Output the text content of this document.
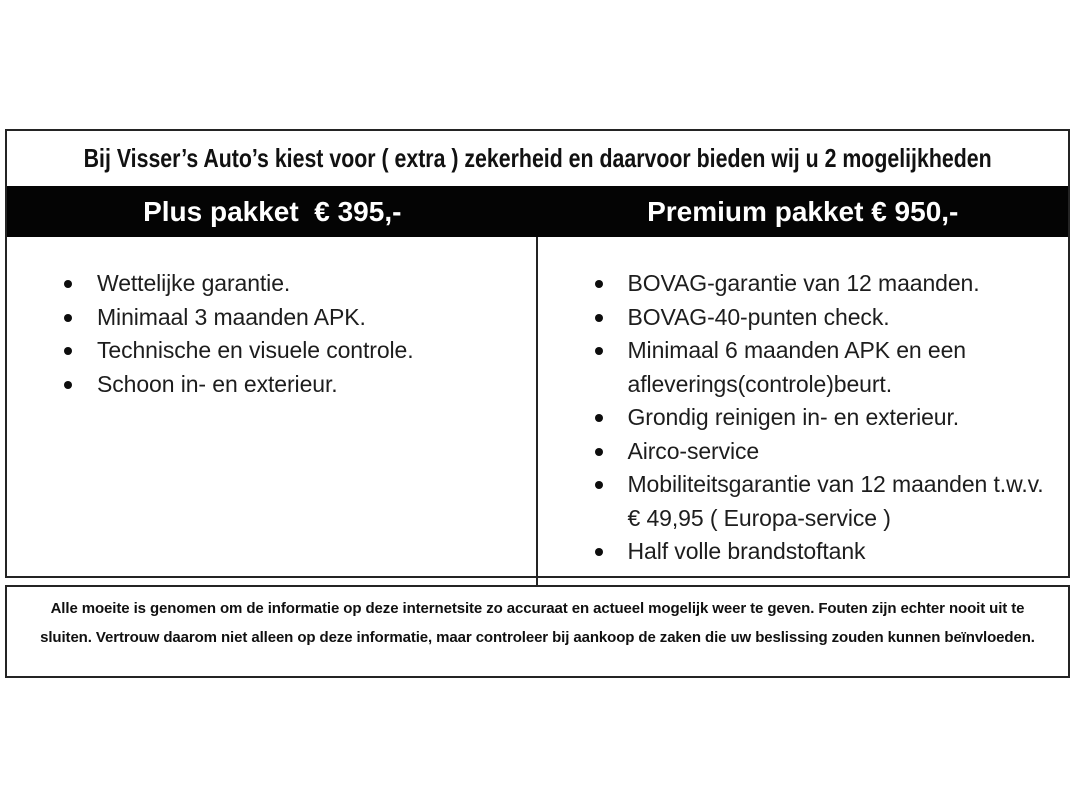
Bij Visser’s Auto’s kiest voor ( extra ) zekerheid en daarvoor bieden wij u 2 mogelijkheden
Plus pakket  € 395,-	Premium pakket € 950,-
Wettelijke garantie.
Minimaal 3 maanden APK.
Technische en visuele controle.
Schoon in- en exterieur.
BOVAG-garantie van 12 maanden.
BOVAG-40-punten check.
Minimaal 6 maanden APK en een afleverings(controle)beurt.
Grondig reinigen in- en exterieur.
Airco-service
Mobiliteitsgarantie van 12 maanden t.w.v. € 49,95 ( Europa-service )
Half volle brandstoftank

Alle moeite is genomen om de informatie op deze internetsite zo accuraat en actueel mogelijk weer te geven. Fouten zijn echter nooit uit te sluiten. Vertrouw daarom niet alleen op deze informatie, maar controleer bij aankoop de zaken die uw beslissing zouden kunnen beïnvloeden.
